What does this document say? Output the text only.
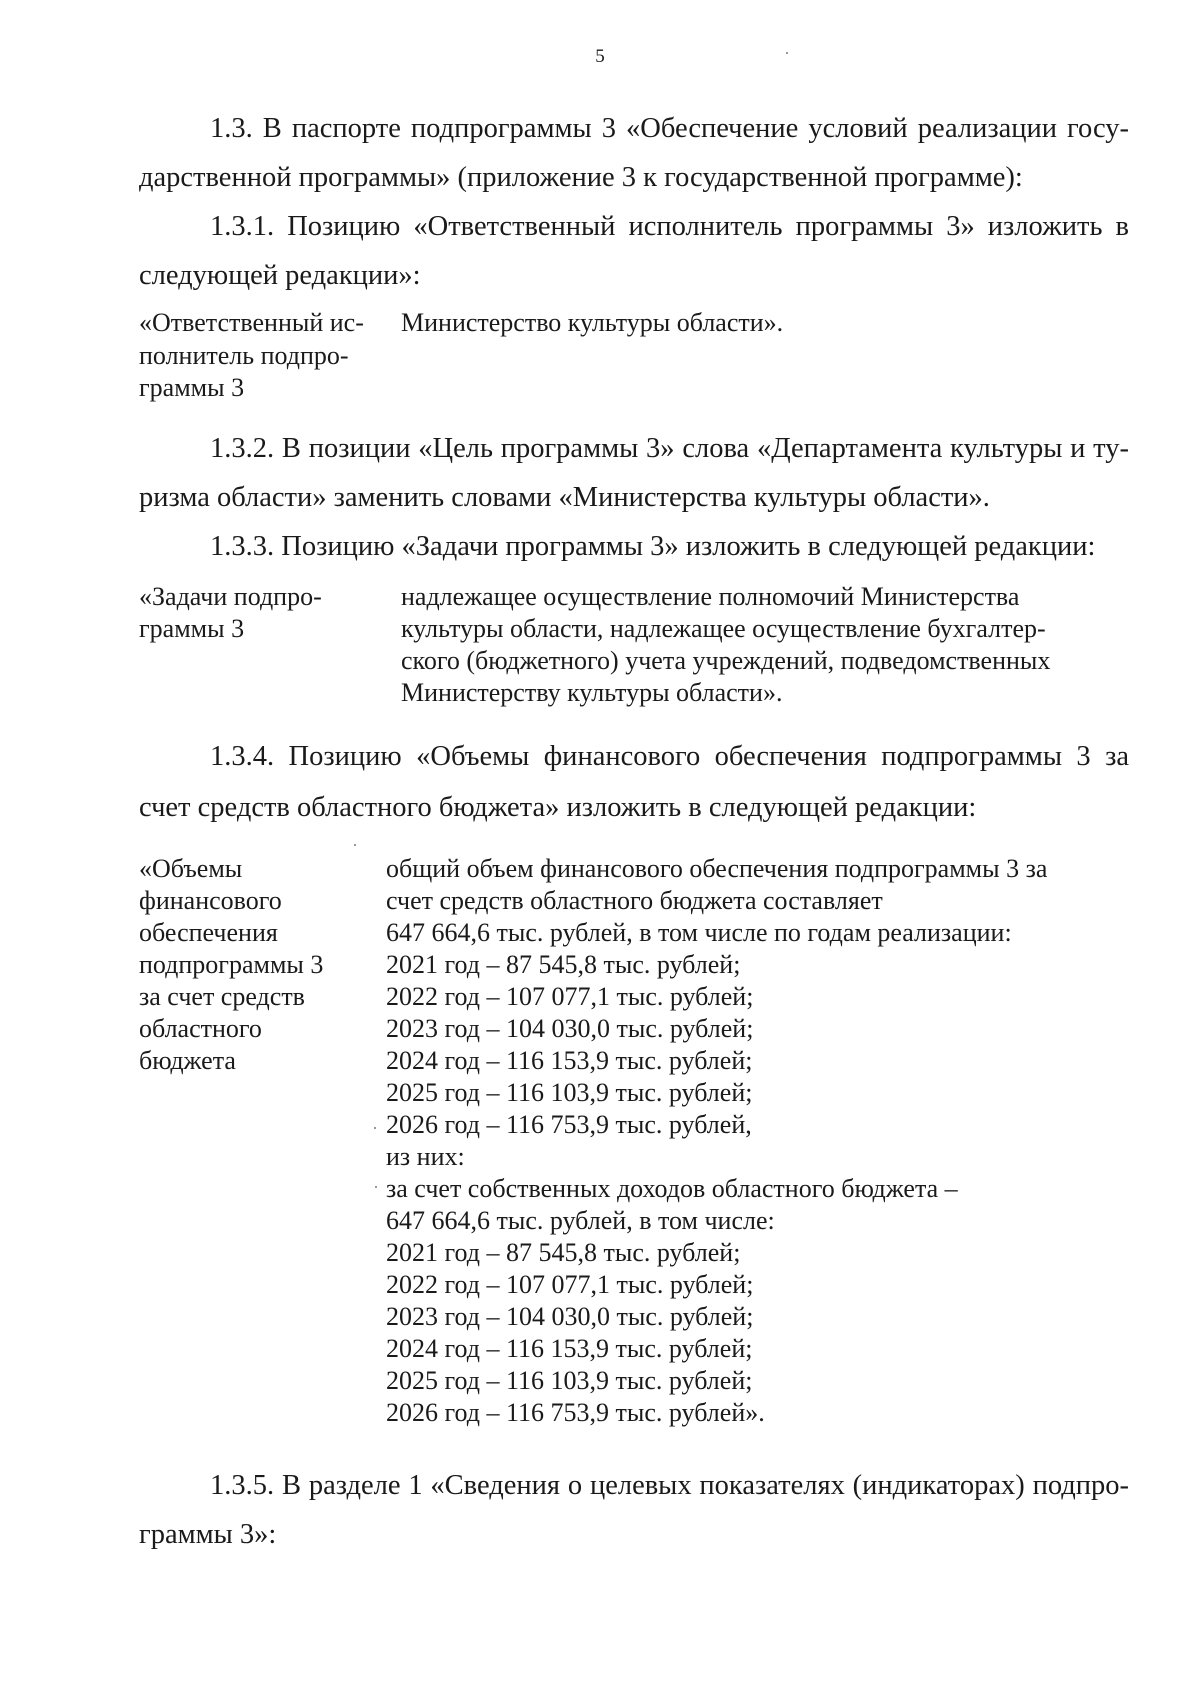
5
1.3. В паспорте подпрограммы 3 «Обеспечение условий реализации госу-
дарственной программы» (приложение 3 к государственной программе):
1.3.1. Позицию «Ответственный исполнитель программы 3» изложить в
следующей редакции»:
«Ответственный ис-
полнитель подпро-
граммы 3
Министерство культуры области».
1.3.2. В позиции «Цель программы 3» слова «Департамента культуры и ту-
ризма области» заменить словами «Министерства культуры области».
1.3.3. Позицию «Задачи программы 3» изложить в следующей редакции:
«Задачи подпро-
граммы 3
надлежащее осуществление полномочий Министерства
культуры области, надлежащее осуществление бухгалтер-
ского (бюджетного) учета учреждений, подведомственных
Министерству культуры области».
1.3.4. Позицию «Объемы финансового обеспечения подпрограммы 3 за
счет средств областного бюджета» изложить в следующей редакции:
«Объемы
финансового
обеспечения
подпрограммы 3
за счет средств
областного
бюджета
общий объем финансового обеспечения подпрограммы 3 за
счет средств областного бюджета составляет
647 664,6 тыс. рублей, в том числе по годам реализации:
2021 год – 87 545,8 тыс. рублей;
2022 год – 107 077,1 тыс. рублей;
2023 год – 104 030,0 тыс. рублей;
2024 год – 116 153,9 тыс. рублей;
2025 год – 116 103,9 тыс. рублей;
2026 год – 116 753,9 тыс. рублей,
из них:
за счет собственных доходов областного бюджета –
647 664,6 тыс. рублей, в том числе:
2021 год – 87 545,8 тыс. рублей;
2022 год – 107 077,1 тыс. рублей;
2023 год – 104 030,0 тыс. рублей;
2024 год – 116 153,9 тыс. рублей;
2025 год – 116 103,9 тыс. рублей;
2026 год – 116 753,9 тыс. рублей».
1.3.5. В разделе 1 «Сведения о целевых показателях (индикаторах) подпро-
граммы 3»:
